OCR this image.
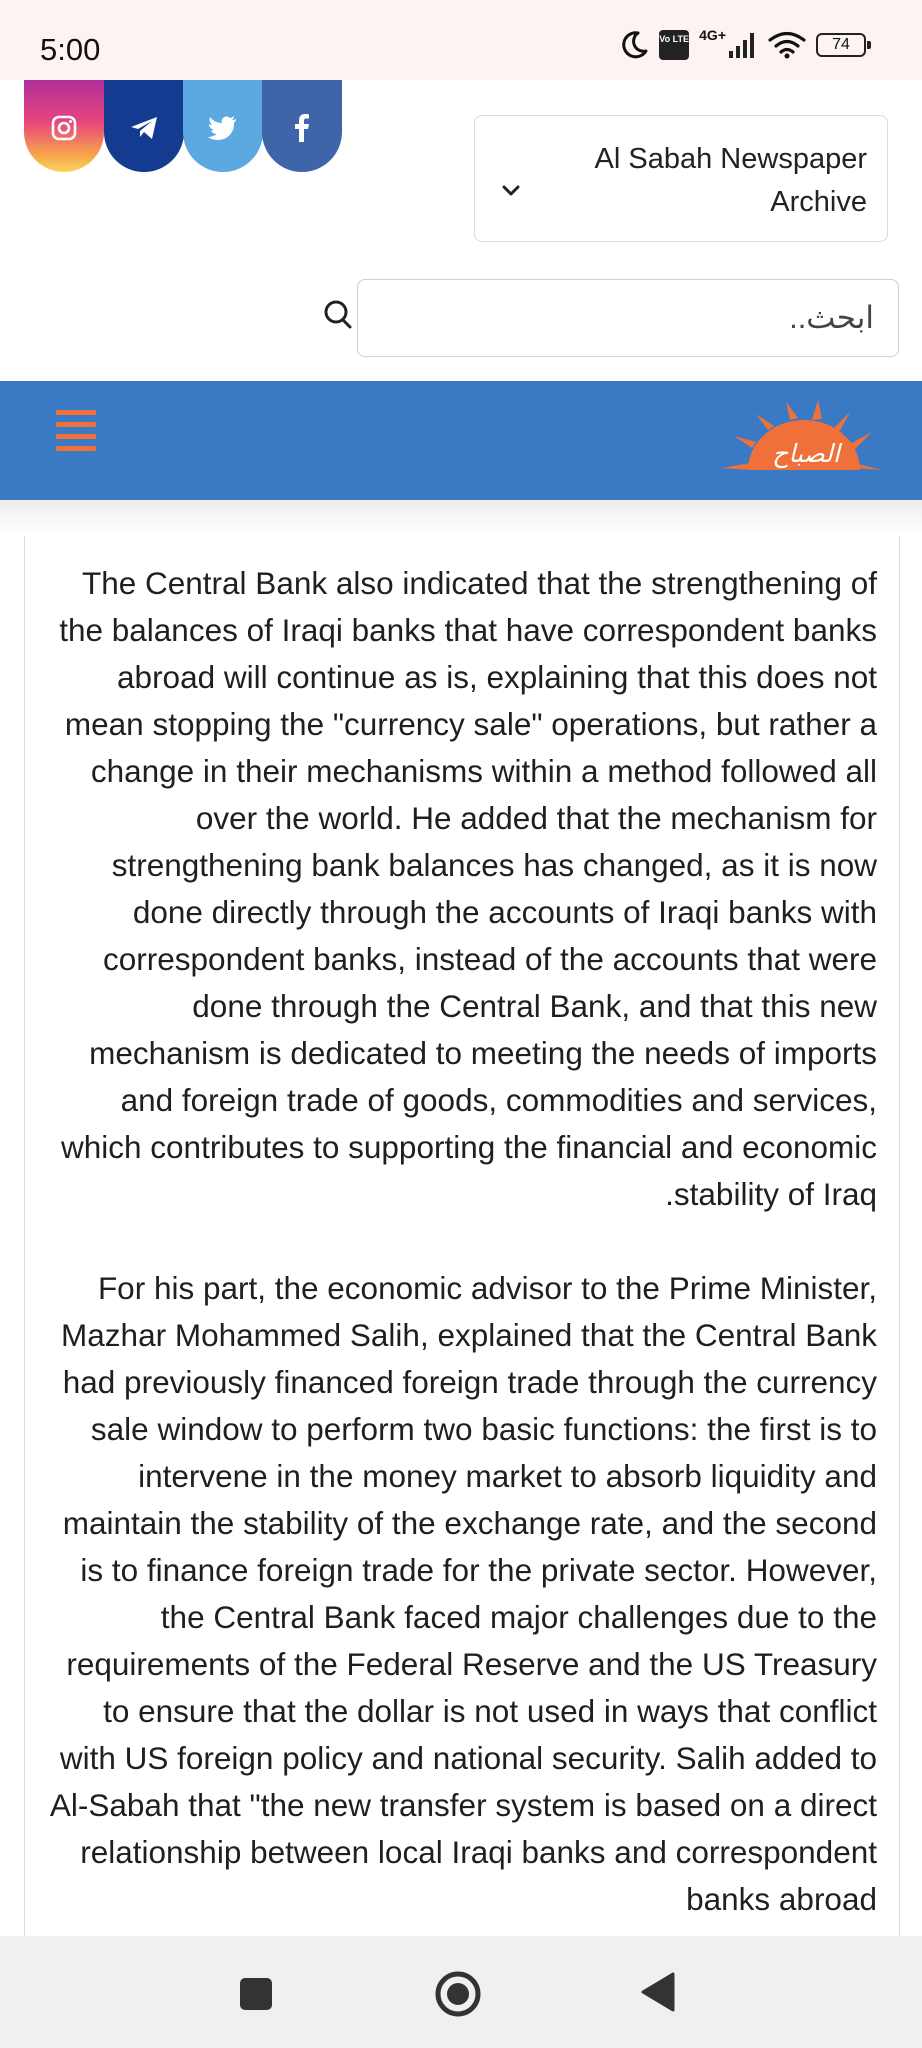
5:00	Vo LTE 4G+
74
Al Sabah Newspaper Archive
ابحث..
الصباح

The Central Bank also indicated that the strengthening of the balances of Iraqi banks that have correspondent banks abroad will continue as is, explaining that this does not mean stopping the "currency sale" operations, but rather a change in their mechanisms within a method followed all over the world. He added that the mechanism for strengthening bank balances has changed, as it is now done directly through the accounts of Iraqi banks with correspondent banks, instead of the accounts that were done through the Central Bank, and that this new mechanism is dedicated to meeting the needs of imports and foreign trade of goods, commodities and services, which contributes to supporting the financial and economic .stability of Iraq

For his part, the economic advisor to the Prime Minister, Mazhar Mohammed Salih, explained that the Central Bank had previously financed foreign trade through the currency sale window to perform two basic functions: the first is to intervene in the money market to absorb liquidity and maintain the stability of the exchange rate, and the second is to finance foreign trade for the private sector. However, the Central Bank faced major challenges due to the requirements of the Federal Reserve and the US Treasury to ensure that the dollar is not used in ways that conflict with US foreign policy and national security. Salih added to Al-Sabah that "the new transfer system is based on a direct relationship between local Iraqi banks and correspondent banks abroad
